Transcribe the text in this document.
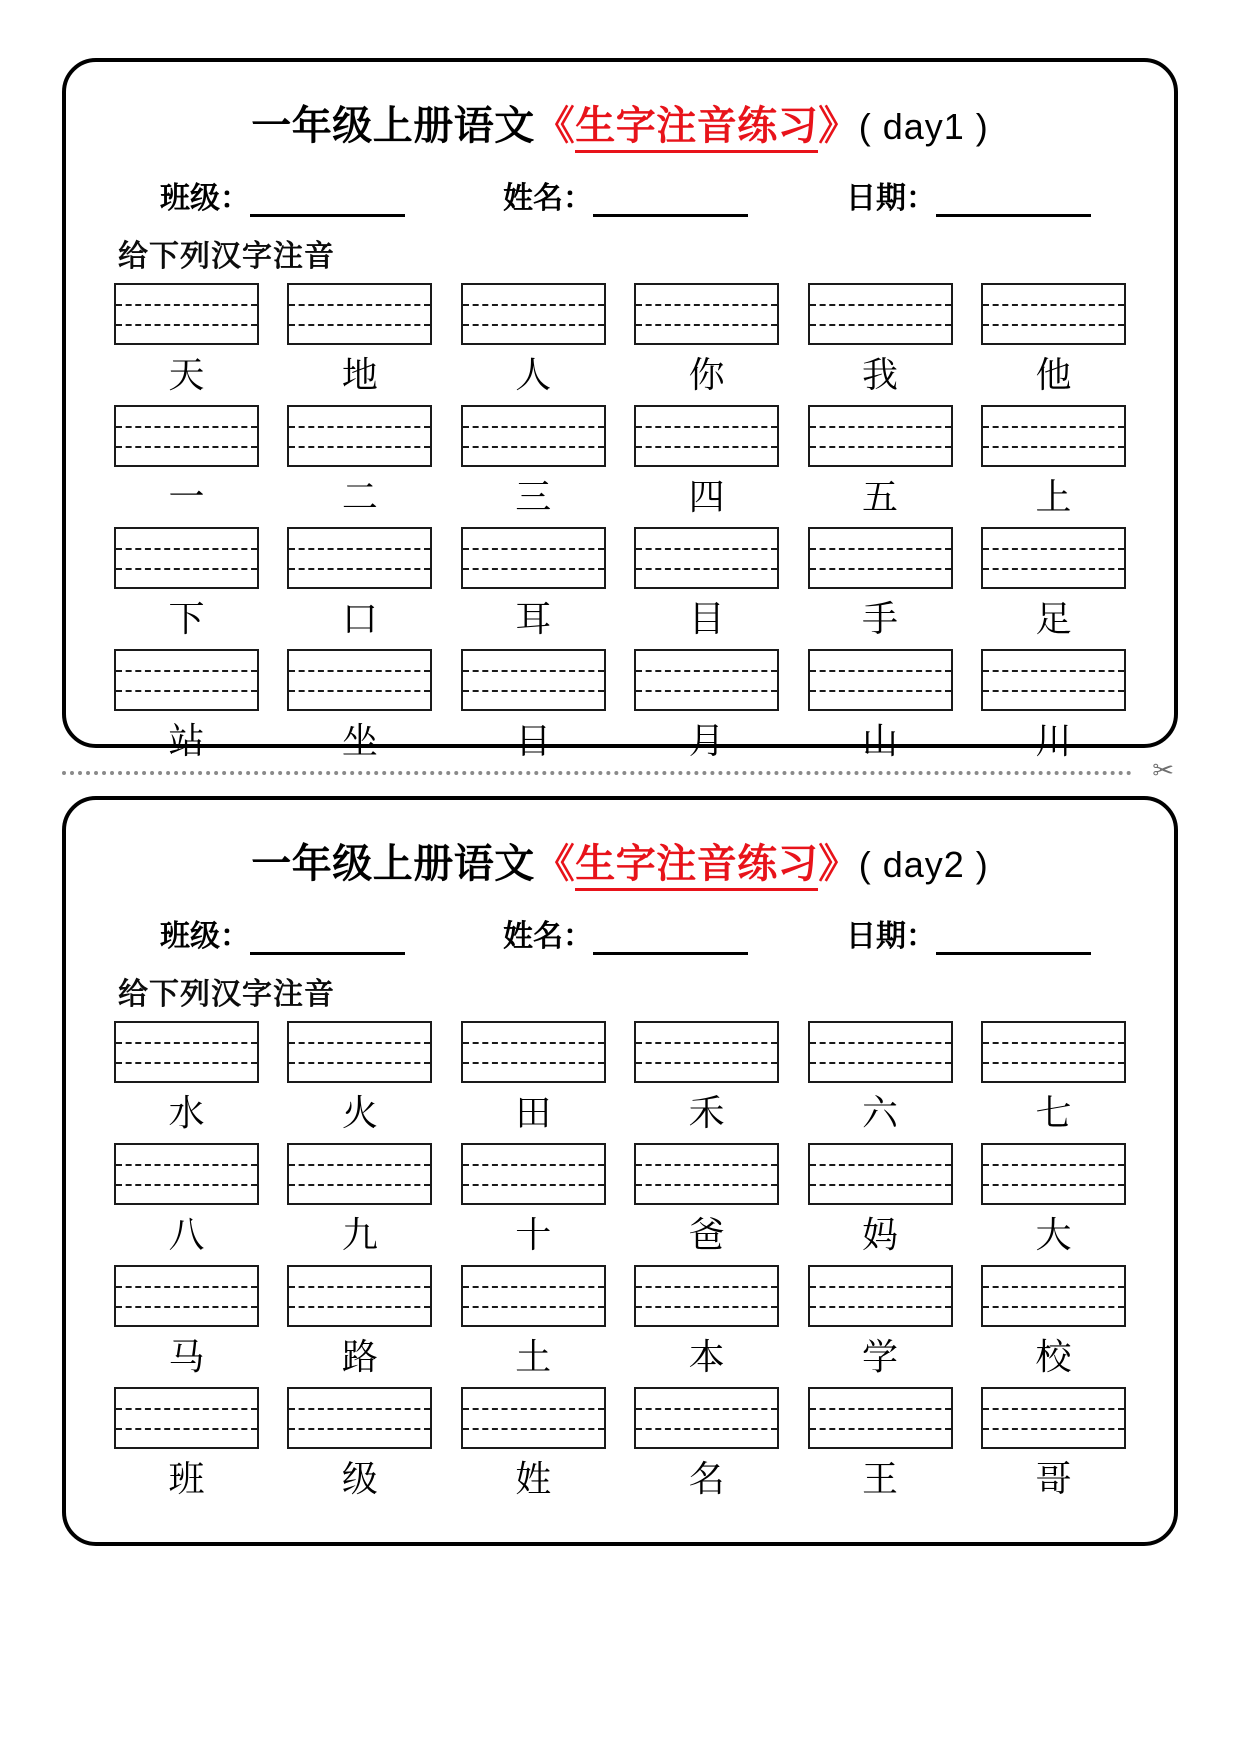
一年级上册语文《生字注音练习》( day1 )
班级：	姓名：	日期：
给下列汉字注音
天	地	人	你	我	他
一	二	三	四	五	上
下	口	耳	目	手	足
站	坐	日	月	山	川
✂
一年级上册语文《生字注音练习》( day2 )
班级：	姓名：	日期：
给下列汉字注音
水	火	田	禾	六	七
八	九	十	爸	妈	大
马	路	土	本	学	校
班	级	姓	名	王	哥
